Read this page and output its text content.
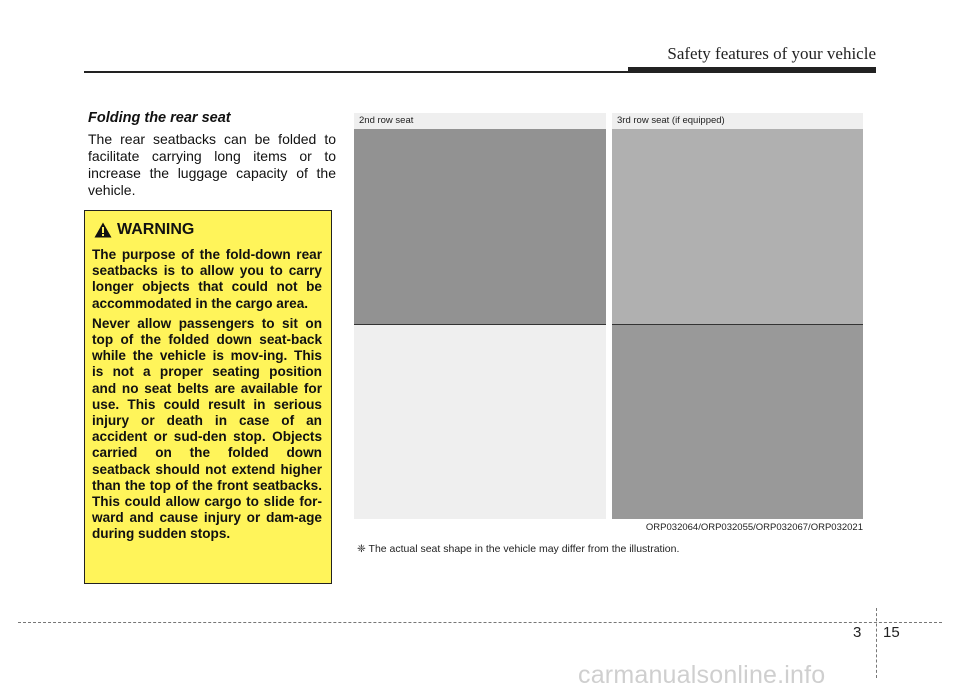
Safety features of your vehicle
Folding the rear seat
The rear seatbacks can be folded to facilitate carrying long items or to increase the luggage capacity of the vehicle.
WARNING

The purpose of the fold-down rear seatbacks is to allow you to carry longer objects that could not be accommodated in the cargo area.

Never allow passengers to sit on top of the folded down seat-back while the vehicle is mov-ing. This is not a proper seating position and no seat belts are available for use. This could result in serious injury or death in case of an accident or sud-den stop. Objects carried on the folded down seatback should not extend higher than the top of the front seatbacks. This could allow cargo to slide for-ward and cause injury or dam-age during sudden stops.

2nd row seat	3rd row seat (if equipped)
ORP032064/ORP032055/ORP032067/ORP032021
❈ The actual seat shape in the vehicle may differ from the illustration.
3 15
carmanualsonline.info
